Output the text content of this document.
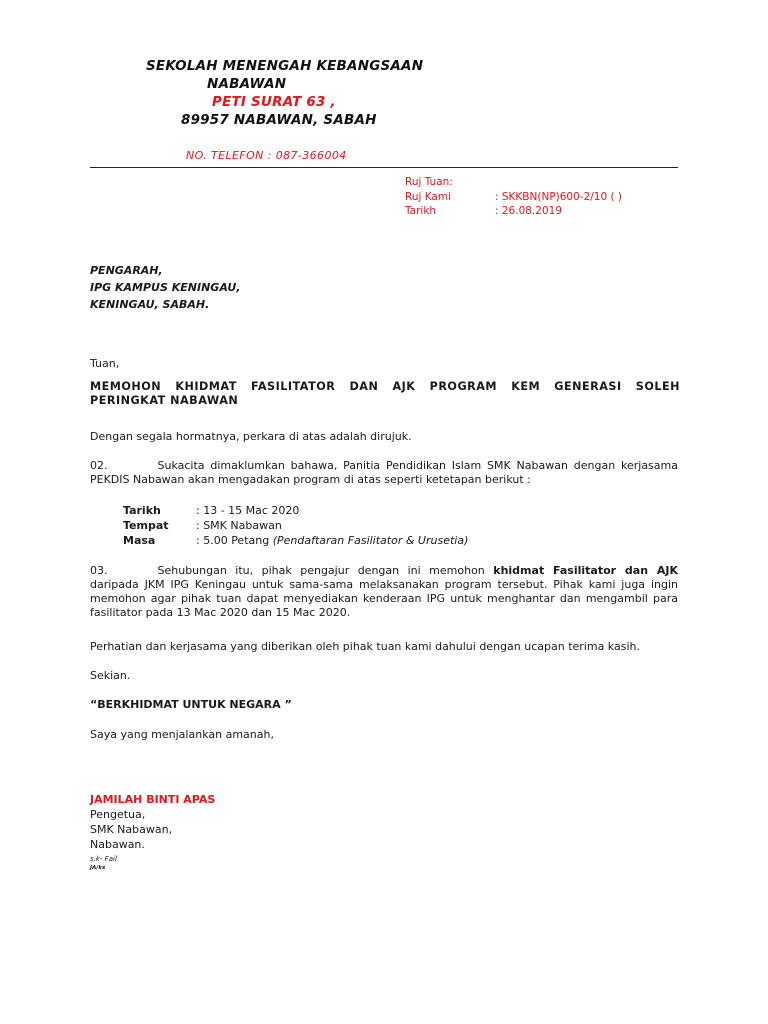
SEKOLAH MENENGAH KEBANGSAAN
NABAWAN
PETI SURAT 63 ,
89957 NABAWAN, SABAH
NO. TELEFON : 087-366004
Ruj Tuan:
Ruj Kami	: SKKBN(NP)600-2/10 ( )
Tarikh	: 26.08.2019
PENGARAH,
IPG KAMPUS KENINGAU,
KENINGAU, SABAH.
Tuan,
MEMOHON KHIDMAT FASILITATOR DAN AJK PROGRAM KEM GENERASI SOLEH PERINGKAT NABAWAN
Dengan segala hormatnya, perkara di atas adalah dirujuk.
02.	Sukacita dimaklumkan bahawa, Panitia Pendidikan Islam SMK Nabawan dengan kerjasama PEKDIS Nabawan akan mengadakan program di atas seperti ketetapan berikut :
Tarikh	: 13 - 15 Mac 2020
Tempat : SMK Nabawan
Masa	: 5.00 Petang (Pendaftaran Fasilitator & Urusetia)
03.	Sehubungan itu, pihak pengajur dengan ini memohon khidmat Fasilitator dan AJK daripada JKM IPG Keningau untuk sama-sama melaksanakan program tersebut. Pihak kami juga ingin memohon agar pihak tuan dapat menyediakan kenderaan IPG untuk menghantar dan mengambil para fasilitator pada 13 Mac 2020 dan 15 Mac 2020.
Perhatian dan kerjasama yang diberikan oleh pihak tuan kami dahului dengan ucapan terima kasih.
Sekian.
“BERKHIDMAT UNTUK NEGARA ”
Saya yang menjalankan amanah,
JAMILAH BINTI APAS
Pengetua,
SMK Nabawan,
Nabawan.
s.k- Fail
JA/ks
